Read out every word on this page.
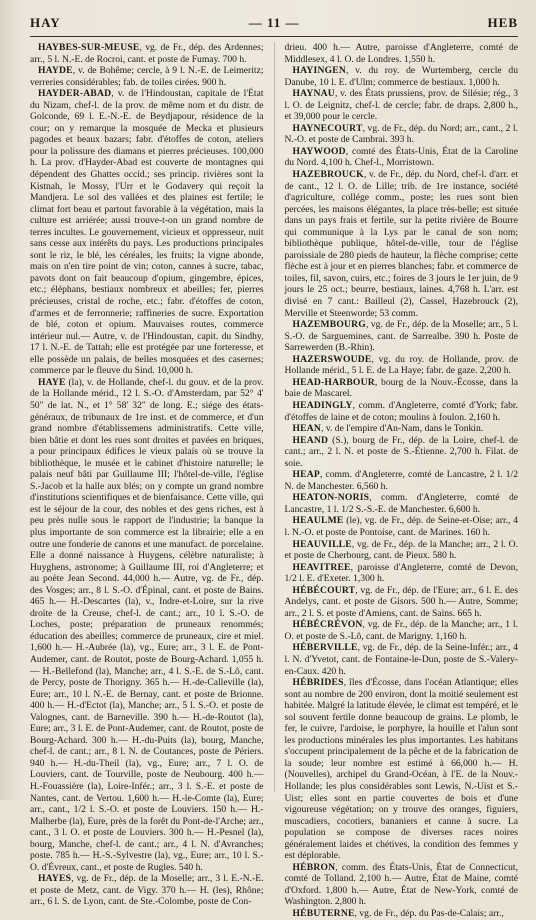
HAY	— 11 —	HEB

HAYBES-SUR-MEUSE, vg. de Fr., dép. des Ardennes; arr., 5 l. N.-E. de Rocroi, cant. et poste de Fumay. 700 h.

HAYDE, v. de Bohême; cercle, à 9 l. N.-E. de Leimeritz; verreries considérables; fab. de toiles cirées. 900 h.

HAYDER-ABAD, v. de l'Hindoustan, capitale de l'État du Nizam, chef-l. de la prov. de même nom et du distr. de Golconde, 69 l. E.-N.-E. de Beydjapour, résidence de la cour; on y remarque la mosquée de Mecka et plusieurs pagodes et beaux bazars; fabr. d'étoffes de coton, ateliers pour la polissure des diamans et pierres précieuses. 100,000 h. La prov. d'Hayder-Abad est couverte de montagnes qui dépendent des Ghattes occid.; ses princip. rivières sont la Kistnah, le Mossy, l'Urr et le Godavery qui reçoit la Mandjera. Le sol des vallées et des plaines est fertile; le climat fort beau et partout favorable à la végétation, mais la culture est arriérée; aussi trouve-t-on un grand nombre de terres incultes. Le gouvernement, vicieux et oppresseur, nuit sans cesse aux intérêts du pays. Les productions principales sont le riz, le blé, les céréales, les fruits; la vigne abonde, mais on n'en tire point de vin; coton, cannes à sucre, tabac, pavots dont on fait beaucoup d'opium, gingembre, épices, etc.; éléphans, bestiaux nombreux et abeilles; fer, pierres précieuses, cristal de roche, etc.; fabr. d'étoffes de coton, d'armes et de ferronnerie; raffineries de sucre. Exportation de blé, coton et opium. Mauvaises routes, commerce intérieur nul.— Autre, v. de l'Hindoustan, capit. du Sindhy, 17 l. N.-E. de Tattah; elle est protégée par une forteresse, et elle possède un palais, de belles mosquées et des casernes; commerce par le fleuve du Sind. 10,000 h.

HAYE (la), v. de Hollande, chef-l. du gouv. et de la prov. de la Hollande mérid., 12 l. S.-O. d'Amsterdam, par 52° 4' 50" de lat. N., et 1° 58' 32" de long. E.; siége des états-généraux, de tribunaux de 1re inst. et de commerce, et d'un grand nombre d'établissemens administratifs. Cette ville, bien bâtie et dont les rues sont droites et pavées en briques, a pour principaux édifices le vieux palais où se trouve la bibliothèque, le musée et le cabinet d'histoire naturelle; le palais neuf bâti par Guillaume III; l'hôtel-de-ville, l'église S.-Jacob et la halle aux blés; on y compte un grand nombre d'institutions scientifiques et de bienfaisance. Cette ville, qui est le séjour de la cour, des nobles et des gens riches, est à peu près nulle sous le rapport de l'industrie; la banque la plus importante de son commerce est la librairie; elle a en outre une fonderie de canons et une manufact. de porcelaine. Elle a donné naissance à Huygens, célèbre naturaliste; à Huyghens, astronome; à Guillaume III, roi d'Angleterre; et au poète Jean Second. 44,000 h.— Autre, vg. de Fr., dép. des Vosges; arr., 8 l. S.-O. d'Épinal, cant. et poste de Bains. 465 h.— H.-Descartes (la), v., Indre-et-Loire, sur la rive droite de la Creuse, chef-l. de cant.; arr., 10 l. S.-O. de Loches, poste; préparation de pruneaux renommés; éducation des abeilles; commerce de pruneaux, cire et miel. 1,600 h.— H.-Aubrée (la), vg., Eure; arr., 3 l. E. de Pont-Audemer, cant. de Routot, poste de Bourg-Achard. 1,055 h.— H.-Bellefond (la), Manche; arr., 4 l. S.-E. de S.-Lô, cant. de Percy, poste de Thorigny. 365 h.— H.-de-Calleville (la), Eure; arr., 10 l. N.-E. de Bernay, cant. et poste de Brionne. 400 h.— H.-d'Ectot (la), Manche; arr., 5 l. S.-O. et poste de Valognes, cant. de Barneville. 390 h.— H.-de-Routot (la), Eure; arr., 3 l. E. de Pont-Audemer, cant. de Routot, poste de Bourg-Achard. 300 h.— H.-du-Puits (la), bourg, Manche, chef-l. de cant.; arr., 8 l. N. de Coutances, poste de Périers. 940 h.— H.-du-Theil (la), vg., Eure; arr., 7 l. O. de Louviers, cant. de Tourville, poste de Neubourg. 400 h.— H.-Fouassière (la), Loire-Infér.; arr., 3 l. S.-E. et poste de Nantes, cant. de Vertou. 1,600 h.— H.-le-Comte (la), Eure; arr., cant., 1/2 l. S.-O. et poste de Louviers. 150 h.— H.-Malherbe (la), Eure, près de la forêt du Pont-de-l'Arche; arr., cant., 3 l. O. et poste de Louviers. 300 h.— H.-Pesnel (la), bourg, Manche, chef-l. de cant.; arr., 4 l. N. d'Avranches; poste. 785 h.— H.-S.-Sylvestre (la), vg., Eure; arr., 10 l. S.-O. d'Évreux, cant., et poste de Rugles. 540 h.

HAYES, vg. de Fr., dép. de la Moselle; arr., 3 l. E.-N.-E. et poste de Metz, cant. de Vigy. 370 h.— H. (les), Rhône; arr., 6 l. S. de Lyon, cant. de Ste.-Colombe, poste de Con-

drieu. 400 h.— Autre, paroisse d'Angleterre, comté de Middlesex, 4 l. O. de Londres. 1,550 h.

HAYINGEN, v. du roy. de Wurtemberg, cercle du Danube, 10 l. E. d'Ulm; commerce de bestiaux. 1,000 h.

HAYNAU, v. des États prussiens, prov. de Silésie; rég., 3 l. O. de Leignitz, chef-l. de cercle; fabr. de draps. 2,800 h., et 39,000 pour le cercle.

HAYNECOURT, vg. de Fr., dép. du Nord; arr., cant., 2 l. N.-O. et poste de Cambrai. 393 h.

HAYWOOD, comté des États-Unis, État de la Caroline du Nord. 4,100 h. Chef-l., Morristown.

HAZEBROUCK, v. de Fr., dép. du Nord, chef-l. d'arr. et de cant., 12 l. O. de Lille; trib. de 1re instance, société d'agriculture, collége comm., poste; les rues sont bien percées, les maisons élégantes, la place très-belle; est située dans un pays frais et fertile, sur la petite rivière de Bourre qui communique à la Lys par le canal de son nom; bibliothèque publique, hôtel-de-ville, tour de l'église paroissiale de 280 pieds de hauteur, la flèche comprise; cette flèche est à jour et en pierres blanches; fabr. et commerce de toiles, fil, savon, cuirs, etc.; foires de 3 jours le 1er juin, de 9 jours le 25 oct.; beurre, bestiaux, laines. 4,768 h. L'arr. est divisé en 7 cant.: Bailleul (2), Cassel, Hazebrouck (2), Merville et Steenworde; 53 comm.

HAZEMBOURG, vg. de Fr., dép. de la Moselle; arr., 5 l. S.-O. de Sarguemines, cant. de Sarrealbe. 390 h. Poste de Sarrewerden (B.-Rhin).

HAZERSWOUDE, vg. du roy. de Hollande, prov. de Hollande mérid., 5 l. E. de La Haye; fabr. de gaze. 2,200 h.

HEAD-HARBOUR, bourg de la Nouv.-Écosse, dans la baie de Mascarel.

HEADINGLY, comm. d'Angleterre, comté d'York; fabr. d'étoffes de laine et de coton; moulins à foulon. 2,160 h.

HEAN, v. de l'empire d'An-Nam, dans le Tonkin.

HEAND (S.), bourg de Fr., dép. de la Loire, chef-l. de cant.; arr., 2 l. N. et poste de S.-Étienne. 2,700 h. Filat. de soie.

HEAP, comm. d'Angleterre, comté de Lancastre, 2 l. 1/2 N. de Manchester. 6,560 h.

HEATON-NORIS, comm. d'Angleterre, comté de Lancastre, 1 l. 1/2 S.-S.-E. de Manchester. 6,600 h.

HEAULME (le), vg. de Fr., dép. de Seine-et-Oise; arr., 4 l. N.-O. et poste de Pontoise, cant. de Marines. 160 h.

HEAUVILLE, vg. de Fr., dép. de la Manche; arr., 2 l. O. et poste de Cherbourg, cant. de Pieux. 580 h.

HEAVITREE, paroisse d'Angleterre, comté de Devon, 1/2 l. E. d'Exeter. 1,300 h.

HÉBÉCOURT, vg. de Fr., dép. de l'Eure; arr., 6 l. E. des Andelys, cant. et poste de Gisors. 500 h.— Autre, Somme; arr., 2 l. S. et poste d'Amiens, cant. de Sains. 665 h.

HÉBÉCRÉVON, vg. de Fr., dép. de la Manche; arr., 1 l. O. et poste de S.-Lô, cant. de Marigny. 1,160 h.

HÉBERVILLE, vg. de Fr., dép. de la Seine-Infér.; arr., 4 l. N. d'Yvetot, cant. de Fontaine-le-Dun, poste de S.-Valery-en-Caux. 420 h.

HÉBRIDES, îles d'Écosse, dans l'océan Atlantique; elles sont au nombre de 200 environ, dont la moitié seulement est habitée. Malgré la latitude élevée, le climat est tempéré, et le sol souvent fertile donne beaucoup de grains. Le plomb, le fer, le cuivre, l'ardoise, le porphyre, la houille et l'alun sont les productions minérales les plus importantes. Les habitans s'occupent principalement de la pêche et de la fabrication de la soude; leur nombre est estimé à 66,000 h.— H. (Nouvelles), archipel du Grand-Océan, à l'E. de la Nouv.-Hollande; les plus considérables sont Lewis, N.-Uist et S.-Uist; elles sont en partie couvertes de bois et d'une vigoureuse végétation; on y trouve des oranges, figuiers, muscadiers, cocotiers, bananiers et canne à sucre. La population se compose de diverses races noires généralement laides et chétives, la condition des femmes y est déplorable.

HÉBRON, comm. des États-Unis, État de Connecticut, comté de Tolland. 2,100 h.— Autre, État de Maine, comté d'Oxford. 1,800 h.— Autre, État de New-York, comté de Washington. 2,800 h.

HÉBUTERNE, vg. de Fr., dép. du Pas-de-Calais; arr.,
